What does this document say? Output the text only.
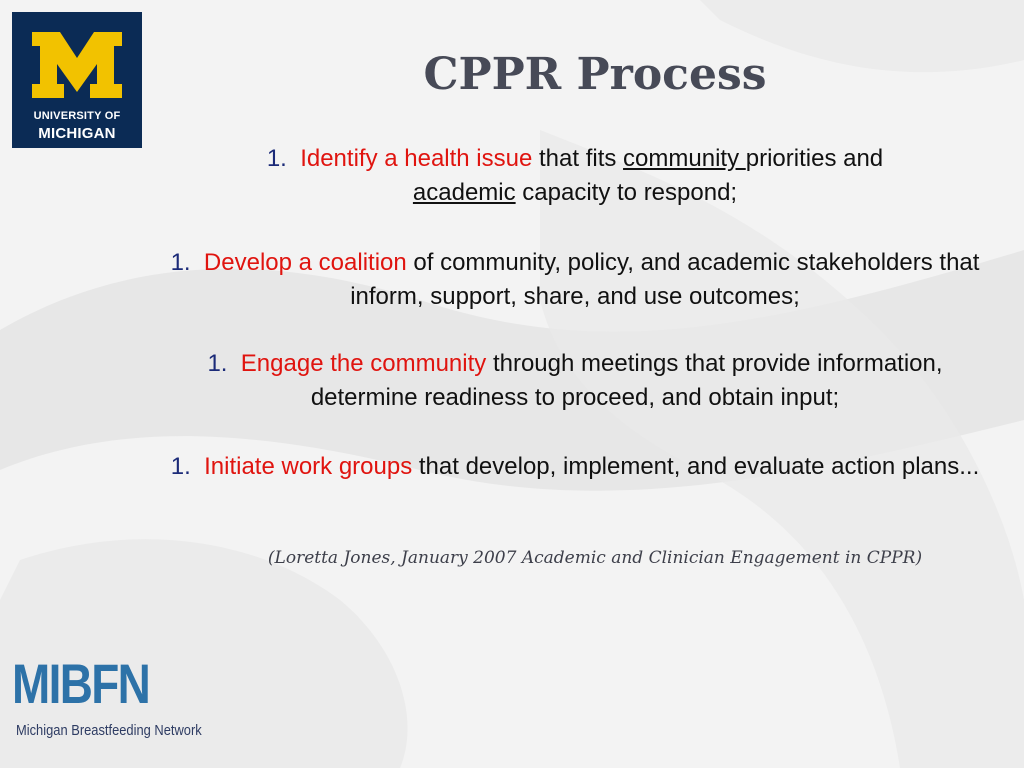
UNIVERSITY OF
MICHIGAN
CPPR Process
1. Identify a health issue that fits community priorities and
academic capacity to respond;
1. Develop a coalition of community, policy, and academic stakeholders that inform, support, share, and use outcomes;
1. Engage the community through meetings that provide information, determine readiness to proceed, and obtain input;
1. Initiate work groups that develop, implement, and evaluate action plans...
(Loretta Jones, January 2007 Academic and Clinician Engagement in CPPR)
MIBFN
Michigan Breastfeeding Network
